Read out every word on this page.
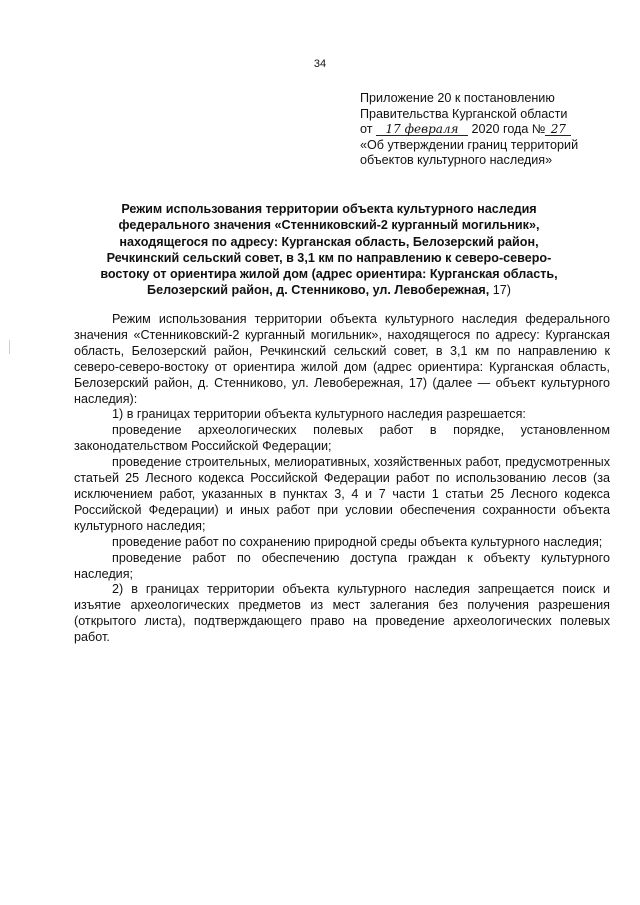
34
Приложение 20 к постановлению
Правительства Курганской области
от 17 февраля 2020 года № 27
«Об утверждении границ территорий
объектов культурного наследия»
Режим использования территории объекта культурного наследия
федерального значения «Стенниковский-2 курганный могильник»,
находящегося по адресу: Курганская область, Белозерский район,
Речкинский сельский совет, в 3,1 км по направлению к северо-северо-
востоку от ориентира жилой дом (адрес ориентира: Курганская область,
Белозерский район, д. Стенниково, ул. Левобережная, 17)

Режим использования территории объекта культурного наследия федерального значения «Стенниковский-2 курганный могильник», находящегося по адресу: Курганская область, Белозерский район, Речкинский сельский совет, в 3,1 км по направлению к северо-северо-востоку от ориентира жилой дом (адрес ориентира: Курганская область, Белозерский район, д. Стенниково, ул. Левобережная, 17) (далее — объект культурного наследия):

1) в границах территории объекта культурного наследия разрешается:

проведение археологических полевых работ в порядке, установленном законодательством Российской Федерации;

проведение строительных, мелиоративных, хозяйственных работ, предусмотренных статьей 25 Лесного кодекса Российской Федерации работ по использованию лесов (за исключением работ, указанных в пунктах 3, 4 и 7 части 1 статьи 25 Лесного кодекса Российской Федерации) и иных работ при условии обеспечения сохранности объекта культурного наследия;

проведение работ по сохранению природной среды объекта культурного наследия;

проведение работ по обеспечению доступа граждан к объекту культурного наследия;

2) в границах территории объекта культурного наследия запрещается поиск и изъятие археологических предметов из мест залегания без получения разрешения (открытого листа), подтверждающего право на проведение археологических полевых работ.
